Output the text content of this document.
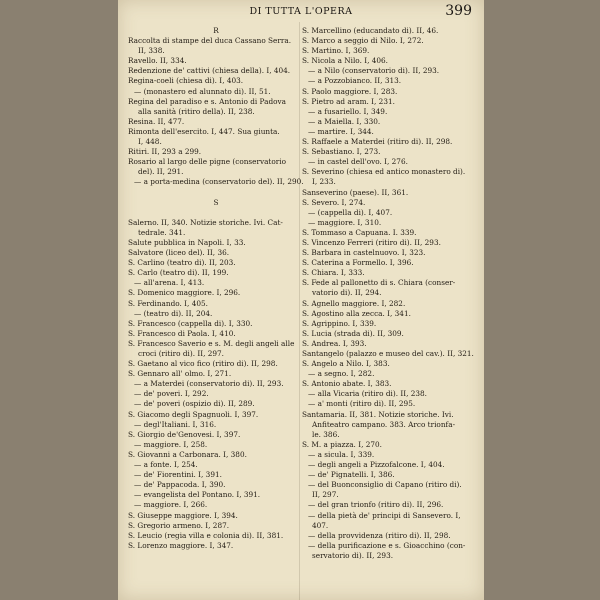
DI TUTTA L'OPERA	399
R
Raccolta di stampe del duca Cassano Serra.
II, 338.
Ravello. II, 334.
Redenzione de' cattivi (chiesa della). I, 404.
Regina-coeli (chiesa di). I, 403.
— (monastero ed alunnato di). II, 51.
Regina del paradiso e s. Antonio di Padova
alla sanità (ritiro della). II, 238.
Resina. II, 477.
Rimonta dell'esercito. I, 447. Sua giunta.
I, 448.
Ritiri. II, 293 a 299.
Rosario al largo delle pigne (conservatorio
del). II, 291.
— a porta-medina (conservatorio del). II, 290.
S
Salerno. II, 340. Notizie storiche. Ivi. Cat-
tedrale. 341.
Salute pubblica in Napoli. I, 33.
Salvatore (liceo del). II, 36.
S. Carlino (teatro di). II, 203.
S. Carlo (teatro di). II, 199.
— all'arena. I, 413.
S. Domenico maggiore. I, 296.
S. Ferdinando. I, 405.
— (teatro di). II, 204.
S. Francesco (cappella di). I, 330.
S. Francesco di Paola. I, 410.
S. Francesco Saverio e s. M. degli angeli alle
croci (ritiro di). II, 297.
S. Gaetano al vico fico (ritiro di). II, 298.
S. Gennaro all' olmo. I, 271.
— a Materdei (conservatorio di). II, 293.
— de' poveri. I, 292.
— de' poveri (ospizio di). II, 289.
S. Giacomo degli Spagnuoli. I, 397.
— degl'Italiani. I, 316.
S. Giorgio de'Genovesi. I, 397.
— maggiore. I, 258.
S. Giovanni a Carbonara. I, 380.
— a fonte. I, 254.
— de' Fiorentini. I, 391.
— de' Pappacoda. I, 390.
— evangelista del Pontano. I, 391.
— maggiore. I, 266.
S. Giuseppe maggiore. I, 394.
S. Gregorio armeno. I, 287.
S. Leucio (regia villa e colonia di). II, 381.
S. Lorenzo maggiore. I, 347.
S. Marcellino (educandato di). II, 46.
S. Marco a seggio di Nilo. I, 272.
S. Martino. I, 369.
S. Nicola a Nilo. I, 406.
— a Nilo (conservatorio di). II, 293.
— a Pozzobianco. II, 313.
S. Paolo maggiore. I, 283.
S. Pietro ad aram. I, 231.
— a fusariello. I, 349.
— a Maiella. I, 330.
— martire. I, 344.
S. Raffaele a Materdei (ritiro di). II, 298.
S. Sebastiano. I, 273.
— in castel dell'ovo. I, 276.
S. Severino (chiesa ed antico monastero di).
I, 233.
Sanseverino (paese). II, 361.
S. Severo. I, 274.
— (cappella di). I, 407.
— maggiore. I, 310.
S. Tommaso a Capuana. I. 339.
S. Vincenzo Ferreri (ritiro di). II, 293.
S. Barbara in castelnuovo. I, 323.
S. Caterina a Formello. I, 396.
S. Chiara. I, 333.
S. Fede al pallonetto di s. Chiara (conser-
vatorio di). II, 294.
S. Agnello maggiore. I, 282.
S. Agostino alla zecca. I, 341.
S. Agrippino. I, 339.
S. Lucia (strada di). II, 309.
S. Andrea. I, 393.
Santangelo (palazzo e museo del cav.). II, 321.
S. Angelo a Nilo. I, 383.
— a segno. I, 282.
S. Antonio abate. I, 383.
— alla Vicaria (ritiro di). II, 238.
— a' monti (ritiro di). II, 295.
Santamaria. II, 381. Notizie storiche. Ivi.
Anfiteatro campano. 383. Arco trionfa-
le. 386.
S. M. a piazza. I, 270.
— a sicula. I, 339.
— degli angeli a Pizzofalcone. I, 404.
— de' Pignatelli. I, 386.
— del Buonconsiglio di Capano (ritiro di).
II, 297.
— del gran trionfo (ritiro di). II, 296.
— della pietà de' principi di Sansevero. I,
407.
— della provvidenza (ritiro di). II, 298.
— della purificazione e s. Gioacchino (con-
servatorio di). II, 293.
